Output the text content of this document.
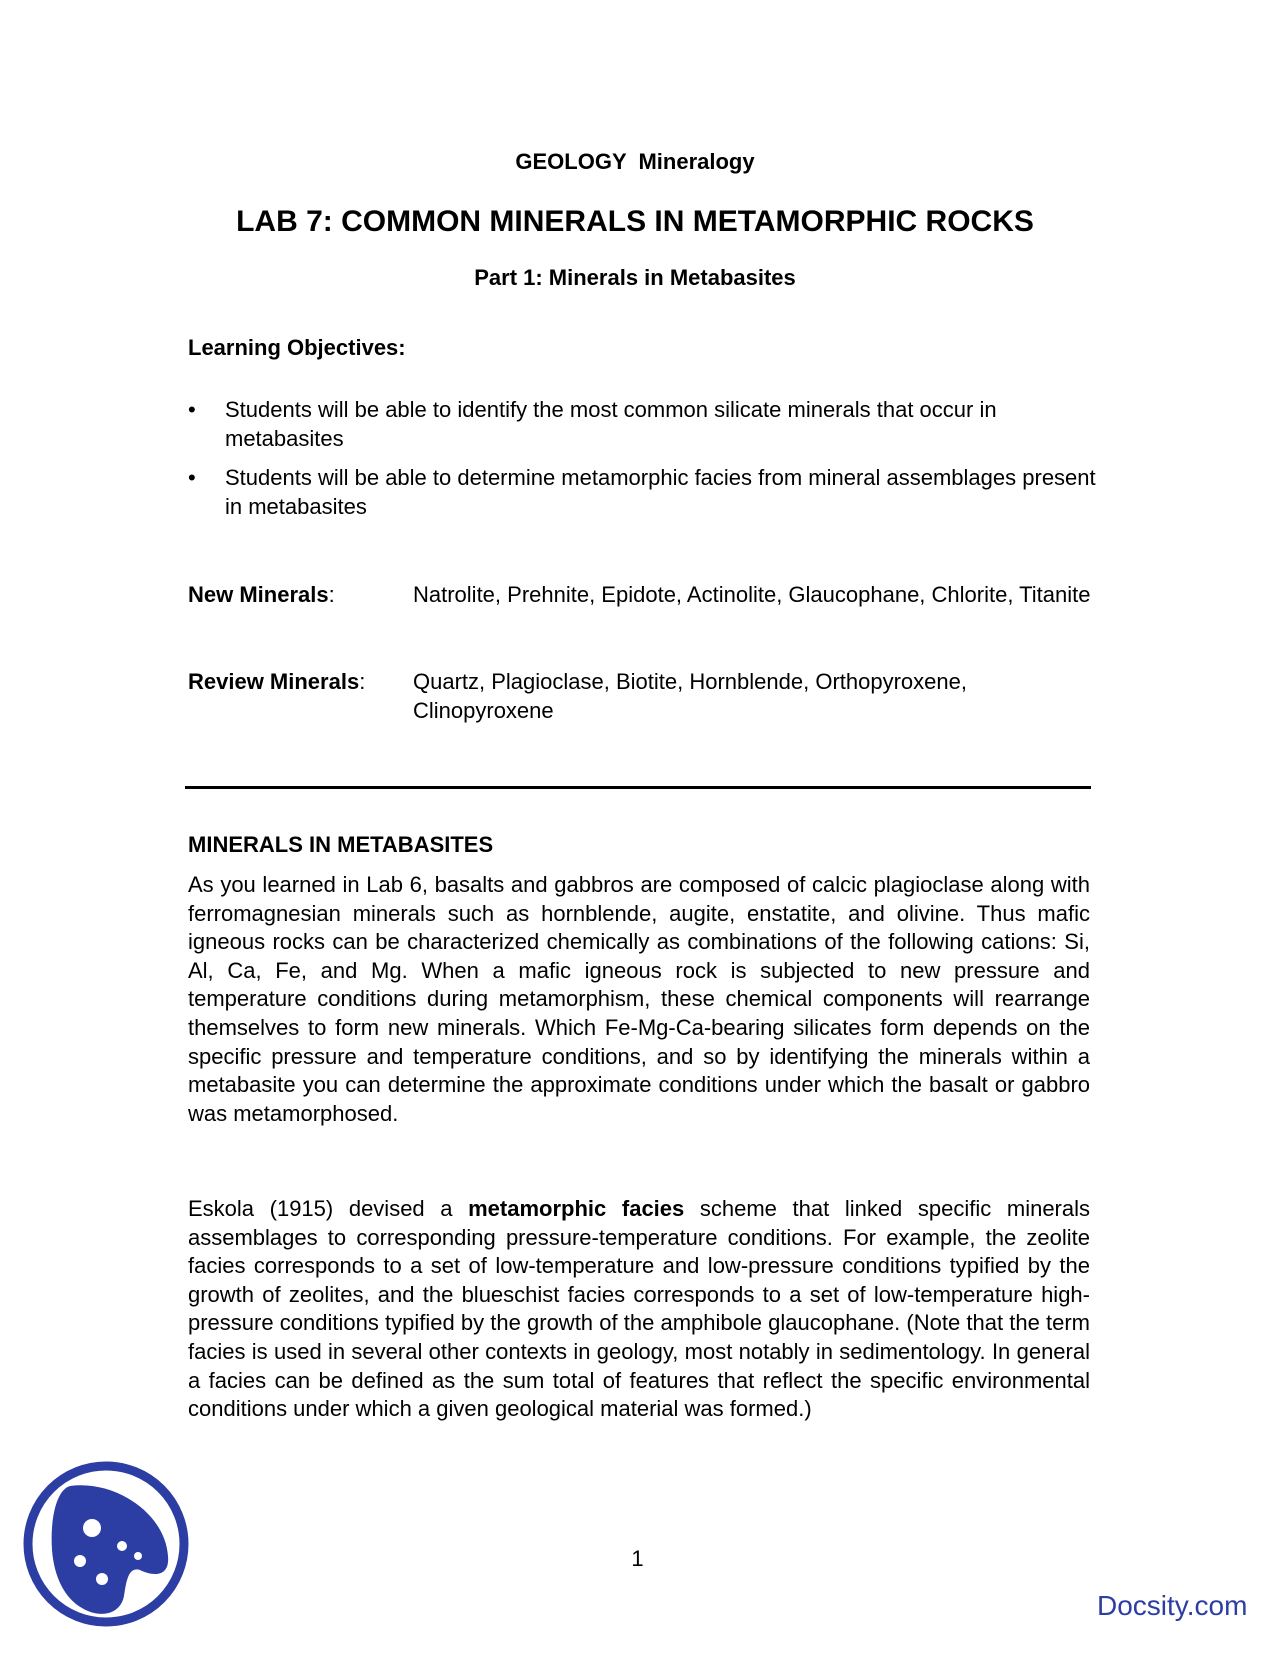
GEOLOGY  Mineralogy
LAB 7: COMMON MINERALS IN METAMORPHIC ROCKS
Part 1: Minerals in Metabasites
Learning Objectives:
•	Students will be able to identify the most common silicate minerals that occur in metabasites
•	Students will be able to determine metamorphic facies from mineral assemblages present in metabasites
New Minerals:	Natrolite, Prehnite, Epidote, Actinolite, Glaucophane, Chlorite, Titanite
Review Minerals: Quartz, Plagioclase, Biotite, Hornblende, Orthopyroxene, Clinopyroxene
MINERALS IN METABASITES

As you learned in Lab 6, basalts and gabbros are composed of calcic plagioclase along with ferromagnesian minerals such as hornblende, augite, enstatite, and olivine. Thus mafic igneous rocks can be characterized chemically as combinations of the following cations: Si, Al, Ca, Fe, and Mg. When a mafic igneous rock is subjected to new pressure and temperature conditions during metamorphism, these chemical components will rearrange themselves to form new minerals. Which Fe-Mg-Ca-bearing silicates form depends on the specific pressure and temperature conditions, and so by identifying the minerals within a metabasite you can determine the approximate conditions under which the basalt or gabbro was metamorphosed.

Eskola (1915) devised a metamorphic facies scheme that linked specific minerals assemblages to corresponding pressure-temperature conditions. For example, the zeolite facies corresponds to a set of low-temperature and low-pressure conditions typified by the growth of zeolites, and the blueschist facies corresponds to a set of low-temperature high-pressure conditions typified by the growth of the amphibole glaucophane. (Note that the term facies is used in several other contexts in geology, most notably in sedimentology. In general a facies can be defined as the sum total of features that reflect the specific environmental conditions under which a given geological material was formed.)

1
Docsity.com
